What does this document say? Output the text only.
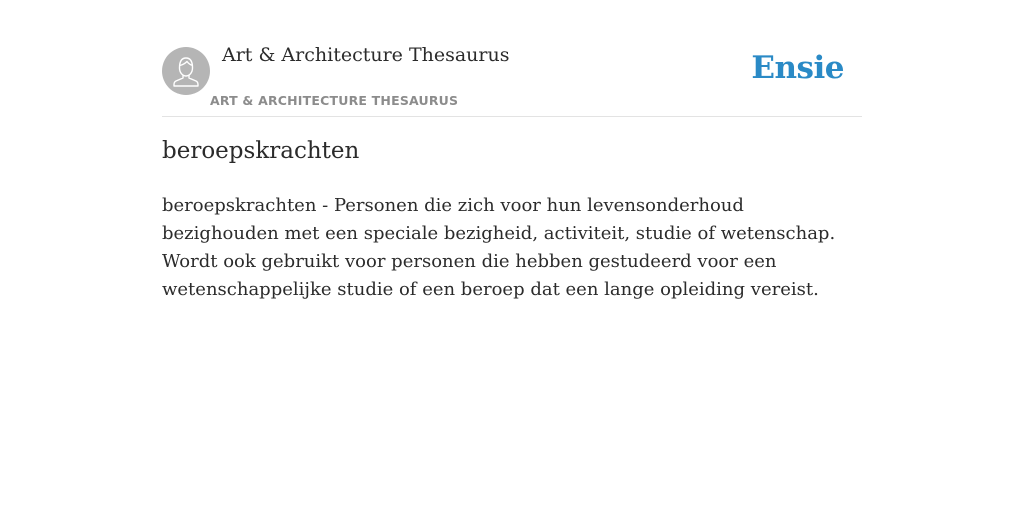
Art & Architecture Thesaurus
ART & ARCHITECTURE THESAURUS
Ensie
beroepskrachten
beroepskrachten - Personen die zich voor hun levensonderhoud bezighouden met een speciale bezigheid, activiteit, studie of wetenschap. Wordt ook gebruikt voor personen die hebben gestudeerd voor een wetenschappelijke studie of een beroep dat een lange opleiding vereist.
